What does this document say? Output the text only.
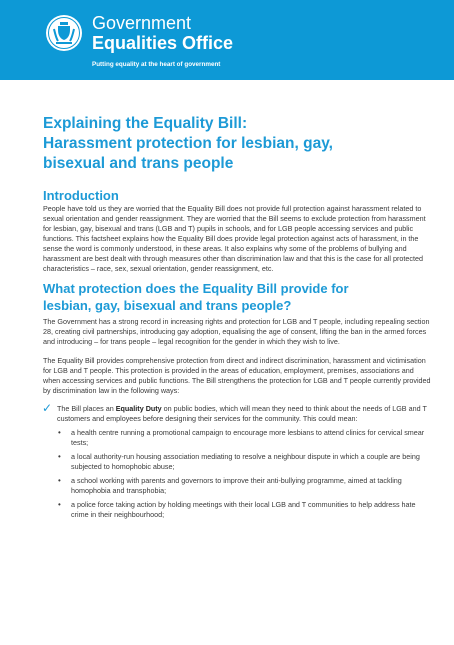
Government
Equalities Office
Putting equality at the heart of government
Explaining the Equality Bill:
Harassment protection for lesbian, gay,
bisexual and trans people
Introduction

People have told us they are worried that the Equality Bill does not provide full protection against harassment related to sexual orientation and gender reassignment. They are worried that the Bill seems to exclude protection from harassment for lesbian, gay, bisexual and trans (LGB and T) pupils in schools, and for LGB people accessing services and public functions. This factsheet explains how the Equality Bill does provide legal protection against acts of harassment, in the sense the word is commonly understood, in these areas. It also explains why some of the problems of bullying and harassment are best dealt with through measures other than discrimination law and that this is the case for all protected characteristics – race, sex, sexual orientation, gender reassignment, etc.

What protection does the Equality Bill provide for
lesbian, gay, bisexual and trans people?

The Government has a strong record in increasing rights and protection for LGB and T people, including repealing section 28, creating civil partnerships, introducing gay adoption, equalising the age of consent, lifting the ban in the armed forces and introducing – for trans people – legal recognition for the gender in which they wish to live.

The Equality Bill provides comprehensive protection from direct and indirect discrimination, harassment and victimisation for LGB and T people. This protection is provided in the areas of education, employment, premises, associations and when accessing services and public functions. The Bill strengthens the protection for LGB and T people currently provided by discrimination law in the following ways:

✓ The Bill places an Equality Duty on public bodies, which will mean they need to think about the needs of LGB and T customers and employees before designing their services for the community. This could mean:

• a health centre running a promotional campaign to encourage more lesbians to attend clinics for cervical smear tests;

• a local authority-run housing association mediating to resolve a neighbour dispute in which a couple are being subjected to homophobic abuse;

• a school working with parents and governors to improve their anti-bullying programme, aimed at tackling homophobia and transphobia;

• a police force taking action by holding meetings with their local LGB and T communities to help address hate crime in their neighbourhood;
